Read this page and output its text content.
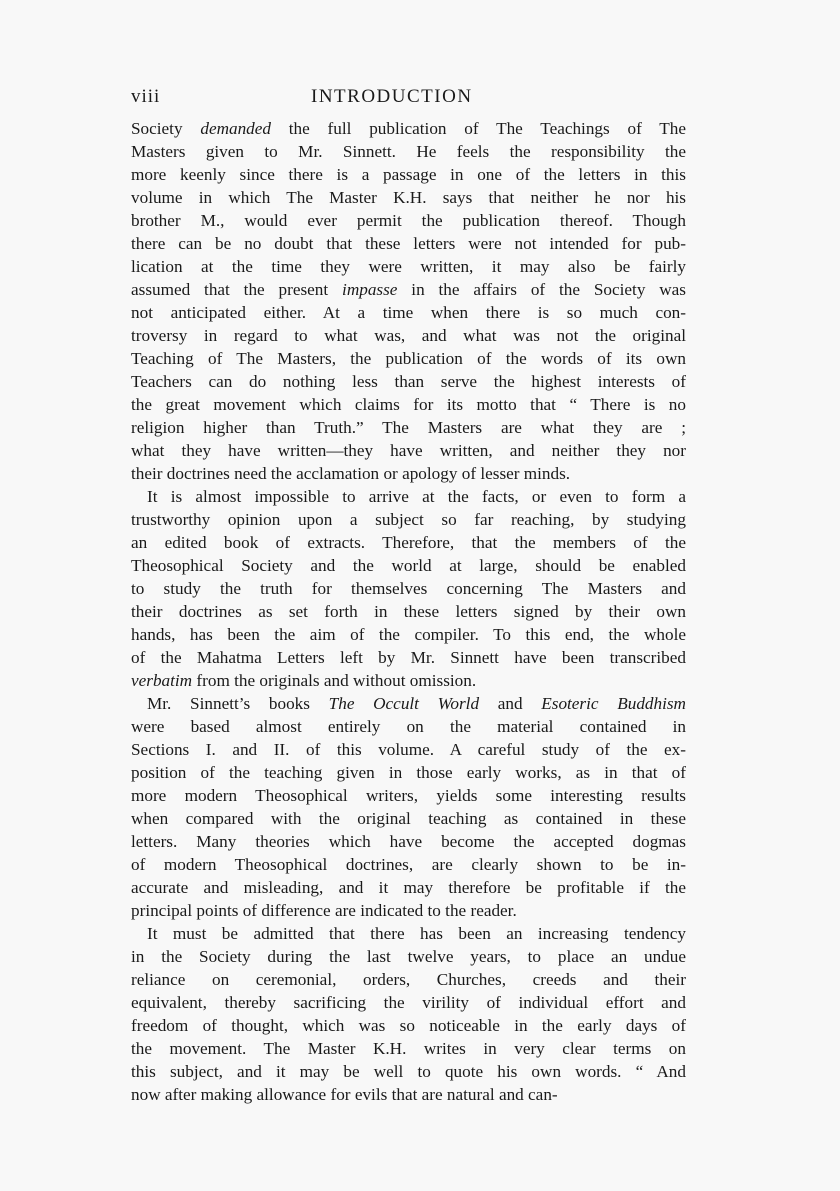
viii	INTRODUCTION
Society demanded the full publication of The Teachings of The
Masters given to Mr. Sinnett. He feels the responsibility the
more keenly since there is a passage in one of the letters in this
volume in which The Master K.H. says that neither he nor his
brother M., would ever permit the publication thereof. Though
there can be no doubt that these letters were not intended for pub-
lication at the time they were written, it may also be fairly
assumed that the present impasse in the affairs of the Society was
not anticipated either. At a time when there is so much con-
troversy in regard to what was, and what was not the original
Teaching of The Masters, the publication of the words of its own
Teachers can do nothing less than serve the highest interests of
the great movement which claims for its motto that “ There is no
religion higher than Truth.” The Masters are what they are ;
what they have written—they have written, and neither they nor
their doctrines need the acclamation or apology of lesser minds.
It is almost impossible to arrive at the facts, or even to form a
trustworthy opinion upon a subject so far reaching, by studying
an edited book of extracts. Therefore, that the members of the
Theosophical Society and the world at large, should be enabled
to study the truth for themselves concerning The Masters and
their doctrines as set forth in these letters signed by their own
hands, has been the aim of the compiler. To this end, the whole
of the Mahatma Letters left by Mr. Sinnett have been transcribed
verbatim from the originals and without omission.
Mr. Sinnett’s books The Occult World and Esoteric Buddhism
were based almost entirely on the material contained in
Sections I. and II. of this volume. A careful study of the ex-
position of the teaching given in those early works, as in that of
more modern Theosophical writers, yields some interesting results
when compared with the original teaching as contained in these
letters. Many theories which have become the accepted dogmas
of modern Theosophical doctrines, are clearly shown to be in-
accurate and misleading, and it may therefore be profitable if the
principal points of difference are indicated to the reader.
It must be admitted that there has been an increasing tendency
in the Society during the last twelve years, to place an undue
reliance on ceremonial, orders, Churches, creeds and their
equivalent, thereby sacrificing the virility of individual effort and
freedom of thought, which was so noticeable in the early days of
the movement. The Master K.H. writes in very clear terms on
this subject, and it may be well to quote his own words. “ And
now after making allowance for evils that are natural and can-
